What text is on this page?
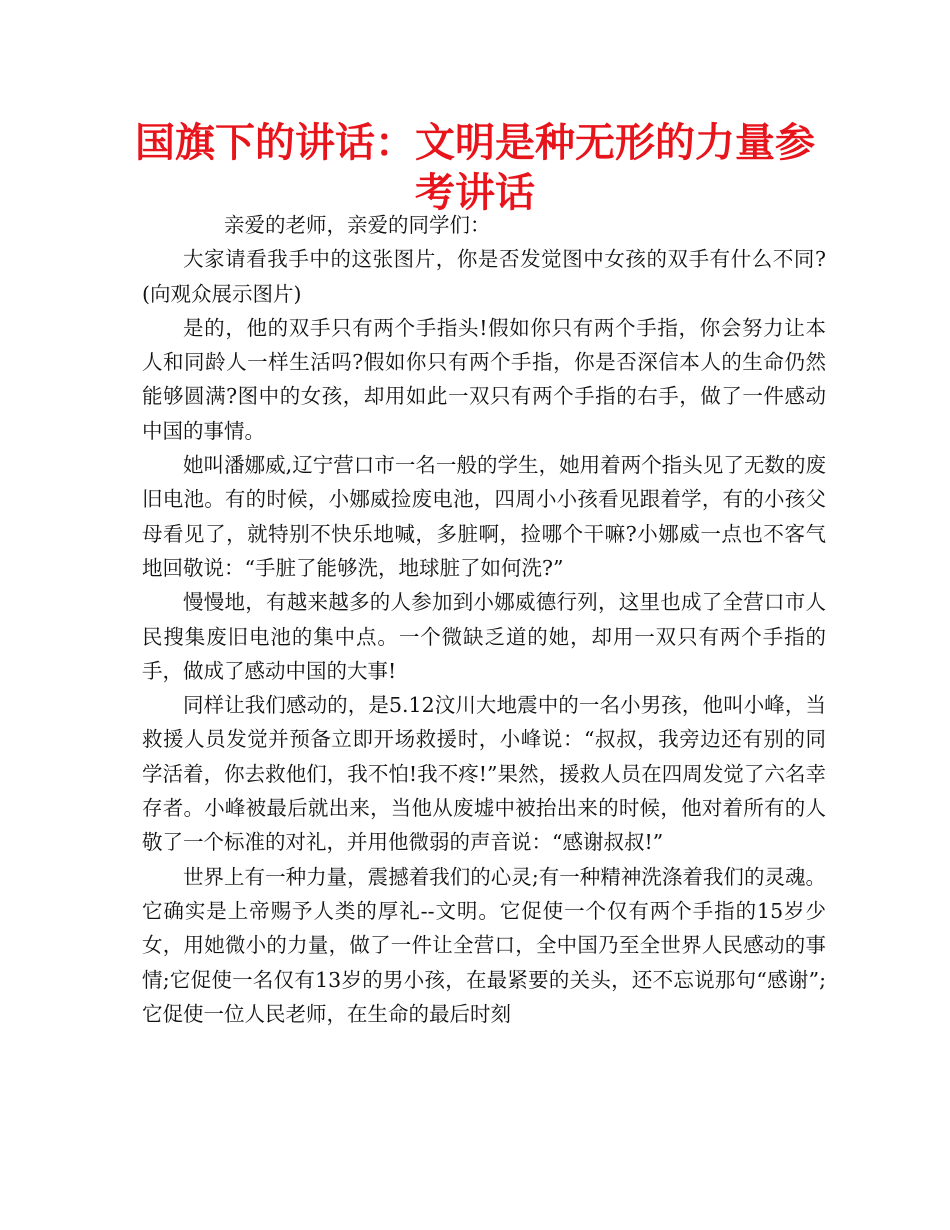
国旗下的讲话：文明是种无形的力量参考讲话

亲爱的老师，亲爱的同学们：

大家请看我手中的这张图片，你是否发觉图中女孩的双手有什么不同?(向观众展示图片)

是的，他的双手只有两个手指头!假如你只有两个手指，你会努力让本人和同龄人一样生活吗?假如你只有两个手指，你是否深信本人的生命仍然能够圆满?图中的女孩，却用如此一双只有两个手指的右手，做了一件感动中国的事情。

她叫潘娜威,辽宁营口市一名一般的学生，她用着两个指头见了无数的废旧电池。有的时候，小娜威捡废电池，四周小小孩看见跟着学，有的小孩父母看见了，就特别不快乐地喊，多脏啊，捡哪个干嘛?小娜威一点也不客气地回敬说：“手脏了能够洗，地球脏了如何洗?”

慢慢地，有越来越多的人参加到小娜威德行列，这里也成了全营口市人民搜集废旧电池的集中点。一个微缺乏道的她，却用一双只有两个手指的手，做成了感动中国的大事!

同样让我们感动的，是5.12汶川大地震中的一名小男孩，他叫小峰，当救援人员发觉并预备立即开场救援时，小峰说：“叔叔，我旁边还有别的同学活着，你去救他们，我不怕!我不疼!”果然，援救人员在四周发觉了六名幸存者。小峰被最后就出来，当他从废墟中被抬出来的时候，他对着所有的人敬了一个标准的对礼，并用他微弱的声音说：“感谢叔叔!”

世界上有一种力量，震撼着我们的心灵;有一种精神洗涤着我们的灵魂。它确实是上帝赐予人类的厚礼--文明。它促使一个仅有两个手指的15岁少女，用她微小的力量，做了一件让全营口，全中国乃至全世界人民感动的事情;它促使一名仅有13岁的男小孩，在最紧要的关头，还不忘说那句“感谢”;它促使一位人民老师，在生命的最后时刻
